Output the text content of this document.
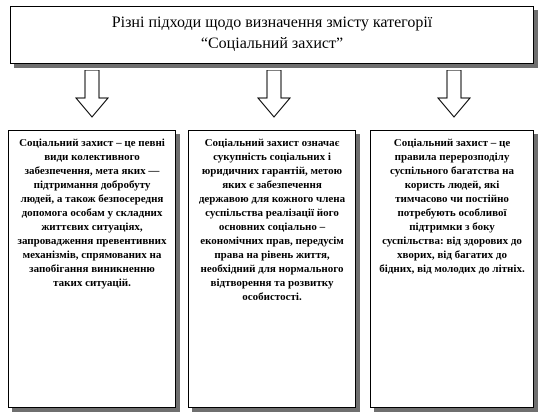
Різні підходи щодо визначення змісту категорії
“Соціальний захист”
Соціальний захист – це певні види колективного забезпечення, мета яких — підтримання добробуту людей, а також безпосередня допомога особам у складних життєвих ситуаціях, запровадження превентивних механізмів, спрямованих на запобігання виникненню таких ситуацій.
Соціальний захист означає сукупність соціальних і юридичних гарантій, метою яких є забезпечення державою для кожного члена суспільства реалізації його основних соціально – економічних прав, передусім права на рівень життя, необхідний для нормального відтворення та розвитку особистості.
Соціальний захист – це правила перерозподілу суспільного багатства на користь людей, які тимчасово чи постійно потребують особливої підтримки з боку суспільства: від здорових до хворих, від багатих до бідних, від молодих до літніх.
